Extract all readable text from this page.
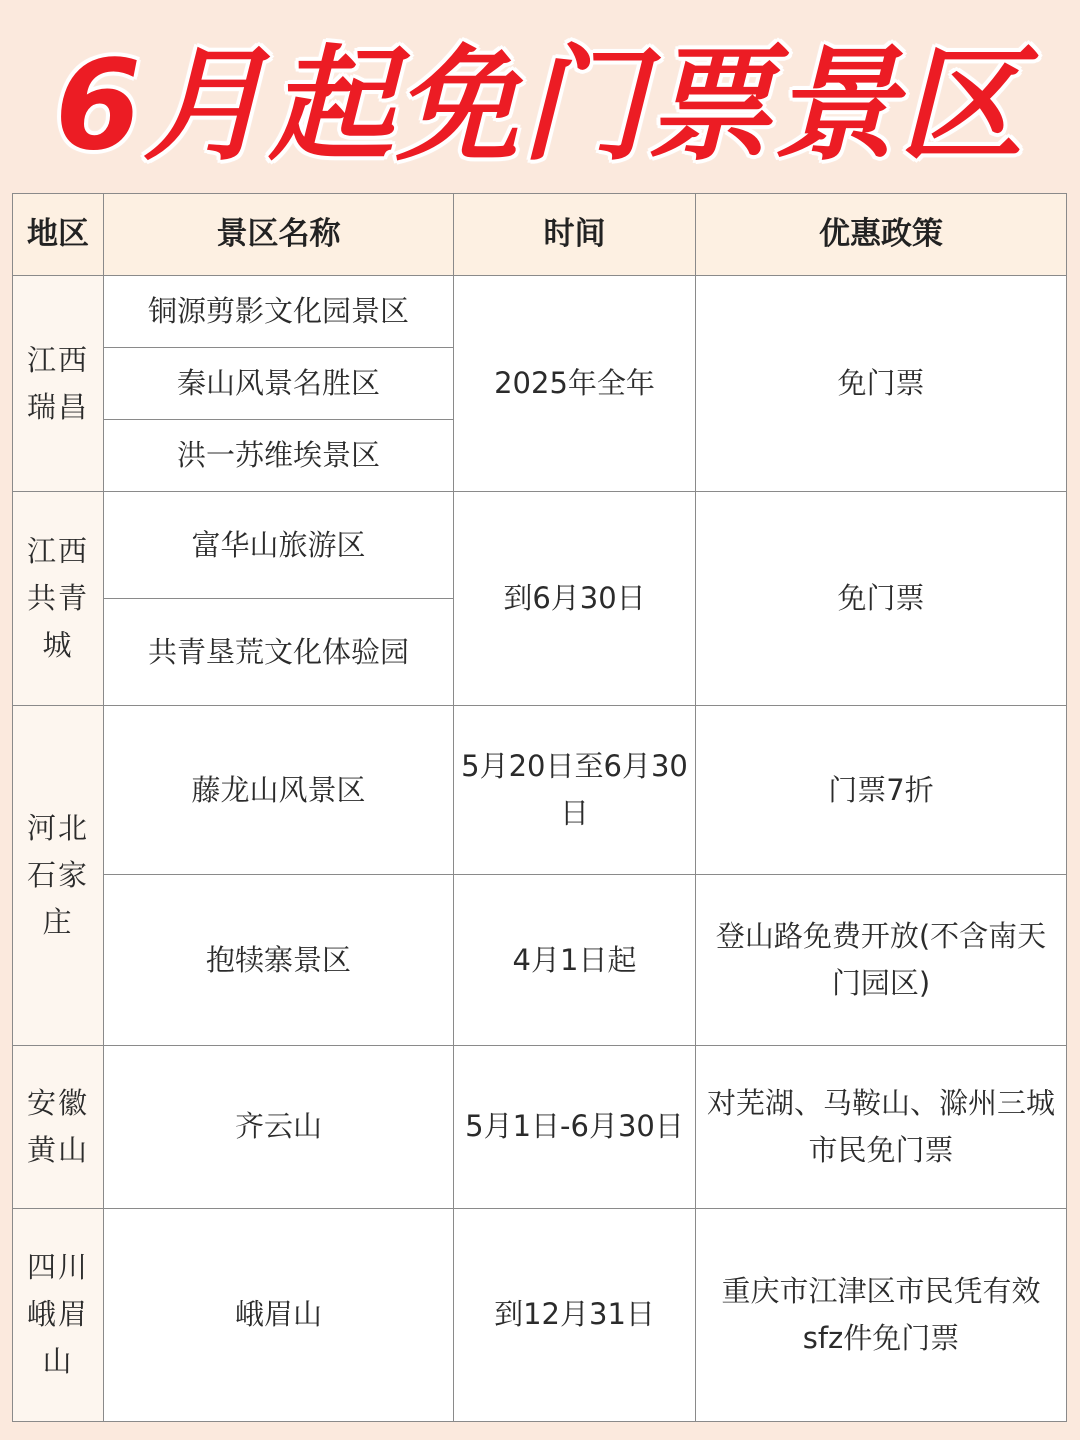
6月起免门票景区
地区	景区名称	时间	优惠政策
江西瑞昌	铜源剪影文化园景区	2025年全年	免门票
	秦山风景名胜区		
	洪一苏维埃景区		
江西共青城	富华山旅游区	到6月30日	免门票
	共青垦荒文化体验园		
河北石家庄	藤龙山风景区	5月20日至6月30日	门票7折
	抱犊寨景区	4月1日起	登山路免费开放(不含南天门园区)
安徽黄山	齐云山	5月1日-6月30日	对芜湖、马鞍山、滁州三城市民免门票
四川峨眉山	峨眉山	到12月31日	重庆市江津区市民凭有效sfz件免门票
